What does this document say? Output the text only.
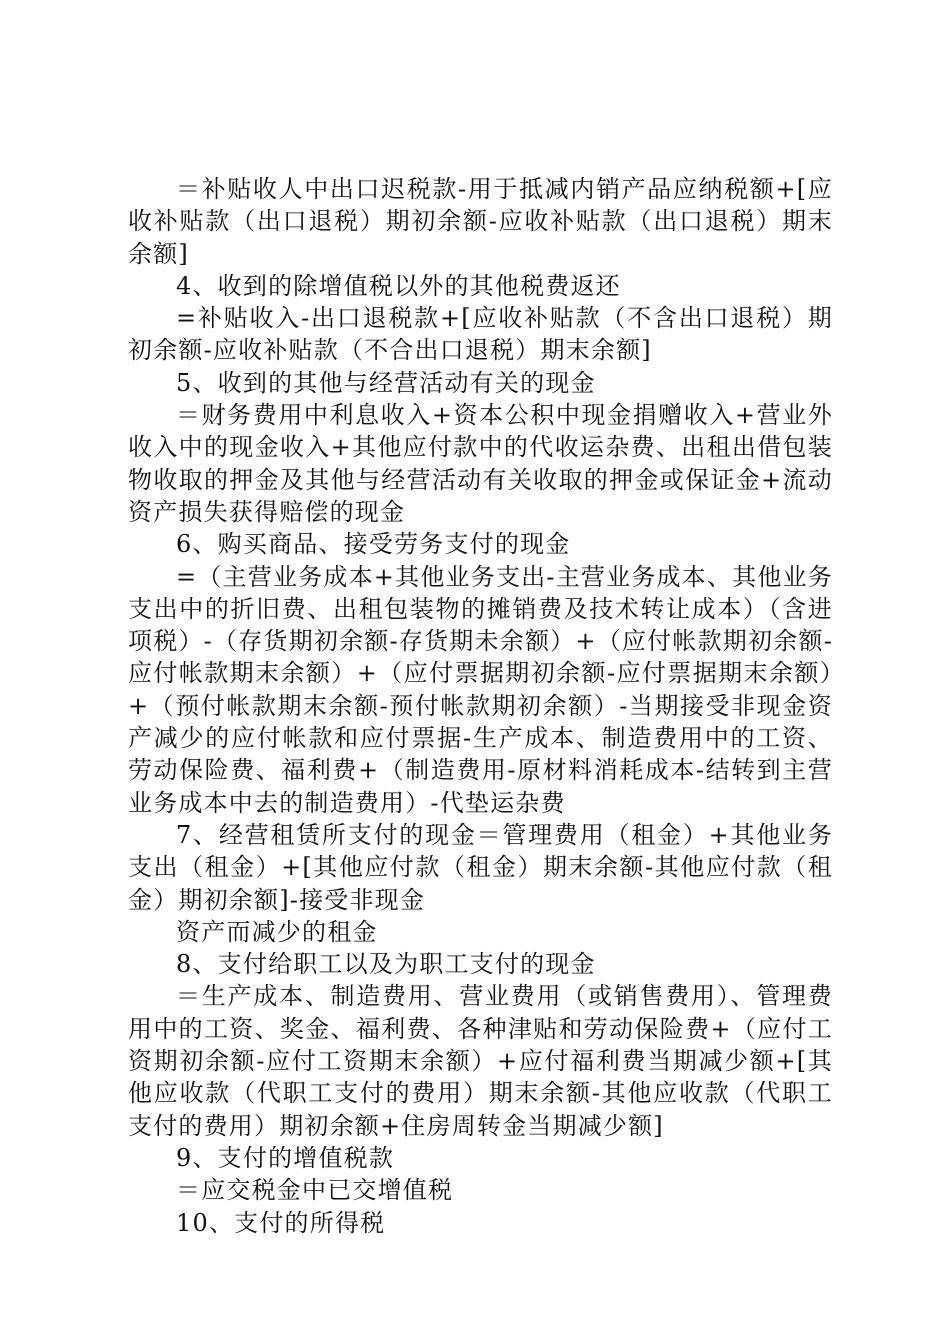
＝补贴收人中出口迟税款-用于抵减内销产品应纳税额+[应收补贴款（出口退税）期初余额-应收补贴款（出口退税）期末余额]

4、收到的除增值税以外的其他税费返还

=补贴收入-出口退税款+[应收补贴款（不含出口退税）期初余额-应收补贴款（不合出口退税）期末余额]

5、收到的其他与经营活动有关的现金

＝财务费用中利息收入+资本公积中现金捐赠收入+营业外收入中的现金收入+其他应付款中的代收运杂费、出租出借包装物收取的押金及其他与经营活动有关收取的押金或保证金+流动资产损失获得赔偿的现金

6、购买商品、接受劳务支付的现金

=（主营业务成本+其他业务支出-主营业务成本、其他业务支出中的折旧费、出租包装物的摊销费及技术转让成本）（含进项税）-（存货期初余额-存货期未余额）+（应付帐款期初余额-应付帐款期末余额）+（应付票据期初余额-应付票据期末余额）+（预付帐款期末余额-预付帐款期初余额）-当期接受非现金资产减少的应付帐款和应付票据-生产成本、制造费用中的工资、劳动保险费、福利费+（制造费用-原材料消耗成本-结转到主营业务成本中去的制造费用）-代垫运杂费

7、经营租赁所支付的现金＝管理费用（租金）+其他业务支出（租金）+[其他应付款（租金）期末余额-其他应付款（租金）期初余额]-接受非现金

资产而减少的租金

8、支付给职工以及为职工支付的现金

＝生产成本、制造费用、营业费用（或销售费用）、管理费用中的工资、奖金、福利费、各种津贴和劳动保险费+（应付工资期初余额-应付工资期末余额）+应付福利费当期减少额+[其他应收款（代职工支付的费用）期末余额-其他应收款（代职工支付的费用）期初余额+住房周转金当期减少额]

9、支付的增值税款

＝应交税金中已交增值税

10、支付的所得税
